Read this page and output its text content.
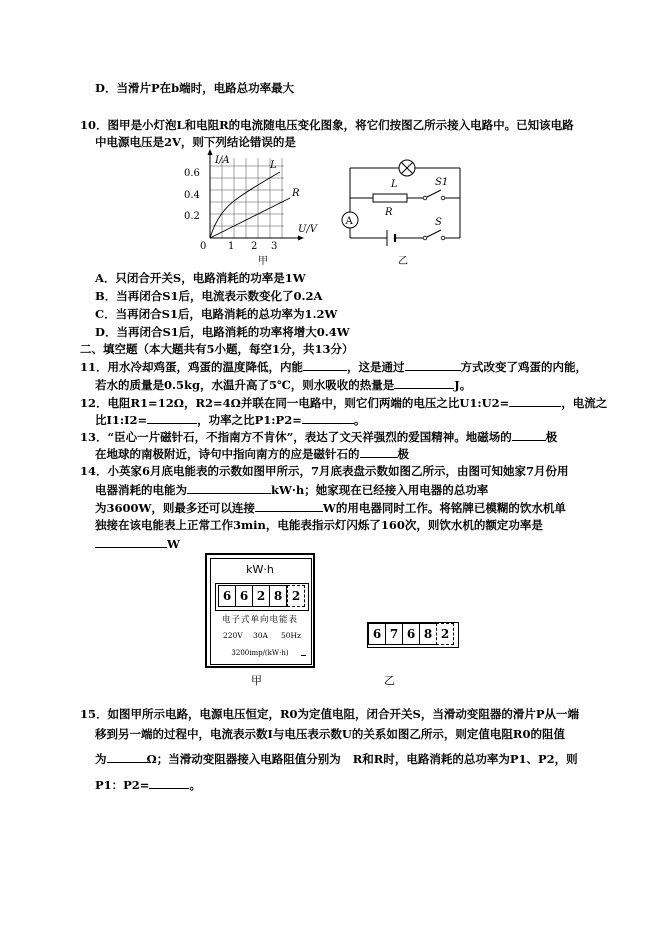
D．当滑片P在b端时，电路总功率最大
10．图甲是小灯泡L和电阻R的电流随电压变化图象，将它们按图乙所示接入电路中。已知该电路
中电源电压是2V，则下列结论错误的是
I/A
U/V
L
R
0.6
0.4
0.2
0 1 2 3
甲
A
L
R
S1
S
乙
A．只闭合开关S，电路消耗的功率是1W
B．当再闭合S1后，电流表示数变化了0.2A
C．当再闭合S1后，电路消耗的总功率为1.2W
D．当再闭合S1后，电路消耗的功率将增大0.4W
二、填空题（本大题共有5小题，每空1分，共13分）
11．用水冷却鸡蛋，鸡蛋的温度降低，内能	，这是通过	方式改变了鸡蛋的内能，
若水的质量是0.5kg，水温升高了5℃，则水吸收的热量是	J。
12．电阻R1=12Ω，R2=4Ω并联在同一电路中，则它们两端的电压之比U1:U2=	，电流之
比I1:I2=	，功率之比P1:P2=	。
13．“臣心一片磁针石，不指南方不肯休”，表达了文天祥强烈的爱国精神。地磁场的	极
在地球的南极附近，诗句中指向南方的应是磁针石的	极
14．小英家6月底电能表的示数如图甲所示，7月底表盘示数如图乙所示，由图可知她家7月份用
电器消耗的电能为	kW·h；她家现在已经接入用电器的总功率
为3600W，则最多还可以连接	W的用电器同时工作。将铭牌已模糊的饮水机单
独接在该电能表上正常工作3min，电能表指示灯闪烁了160次，则饮水机的额定功率是
W
kW·h
6 6 2 8 2
电子式单向电能表
220V 30A 50Hz
3200imp/(kW·h)
甲
6 7 6 8 2
乙
15．如图甲所示电路，电源电压恒定，R0为定值电阻，闭合开关S，当滑动变阻器的滑片P从一端
移到另一端的过程中，电流表示数I与电压表示数U的关系如图乙所示，则定值电阻R0的阻值
为	Ω；当滑动变阻器接入电路阻值分别为 R和R时，电路消耗的总功率为P1、P2，则
P1：P2=	。
